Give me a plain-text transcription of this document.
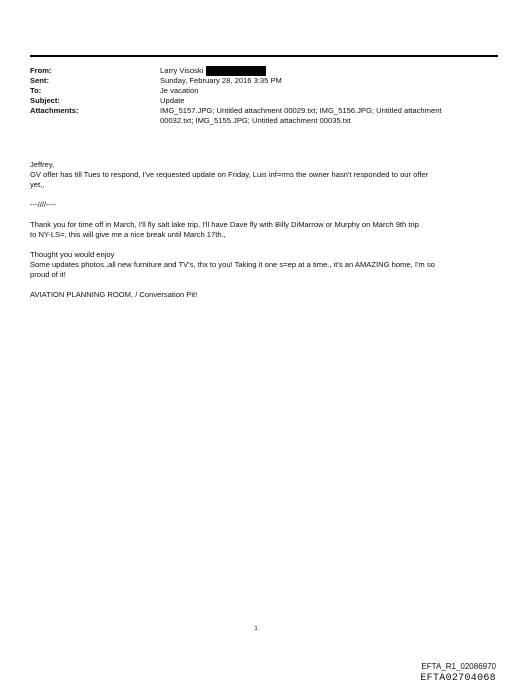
From:	Larry Visoski
Sent:	Sunday, February 28, 2016 3:35 PM
To:	Je vacation
Subject:	Update
Attachments:	IMG_5157.JPG; Untitled attachment 00029.txt; IMG_5156.JPG; Untitled attachment
00032.txt; IMG_5155.JPG; Untitled attachment 00035.txt

Jeffrey,

GV offer has till Tues to respond, I've requested update on Friday, Luis inf=rms the owner hasn't responded to our offer

yet,,

---////----

Thank you for time off in March, I'll fly salt lake trip, I'll have Dave fly with Billy DiMarrow or Murphy on March 9th trip

to NY-LS=, this will give me a nice break until March 17th.,

Thought you would enjoy

Some updates photos.,all new furniture and TV's, thx to you! Taking it one s=ep at a time., it's an AMAZING home, I'm so

proud of it!

AVIATION PLANNING ROOM, / Conversation Pit!

1
EFTA_R1_02086970
EFTA02704068
